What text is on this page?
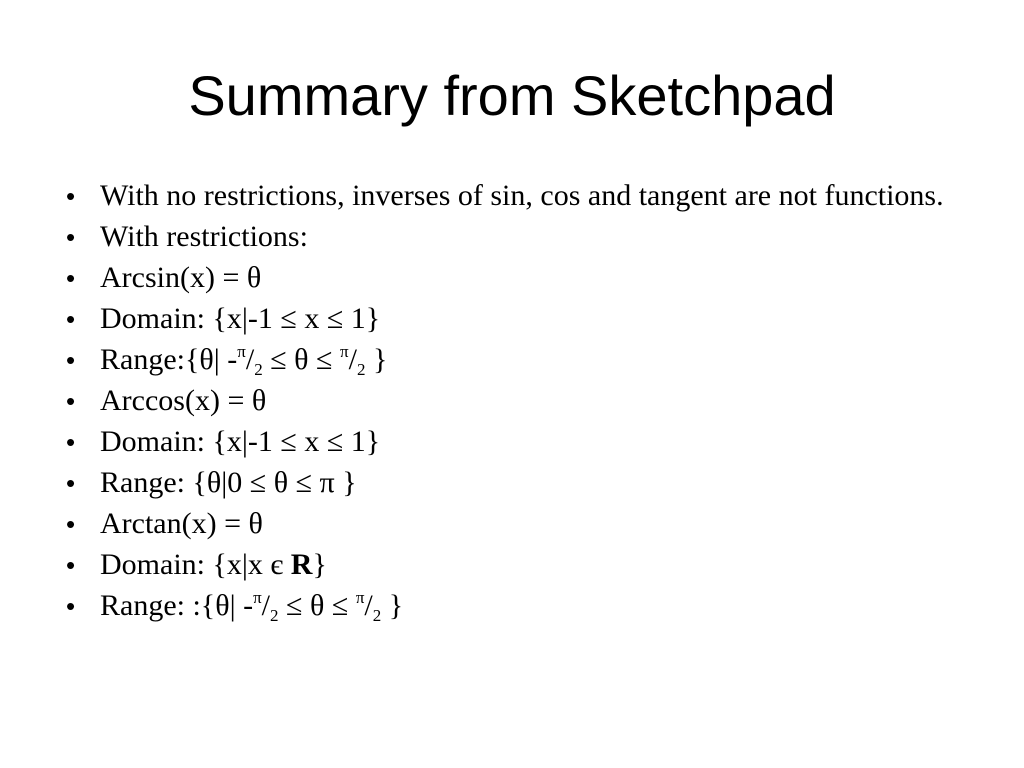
Summary from Sketchpad
• With no restrictions, inverses of sin, cos and tangent are not functions.
• With restrictions:
• Arcsin(x) = θ
• Domain: {x|-1 ≤ x ≤ 1}
• Range:{θ| $-^\pi/_2 \le \theta \le ^\pi/_2$ }
• Arccos(x) = θ
• Domain: {x|-1 ≤ x ≤ 1}
• Range: {θ|0 ≤ θ ≤ π }
• Arctan(x) = θ
• Domain: {x|x є R}
• Range: :{θ| $-^\pi/_2 \le \theta \le ^\pi/_2$ }
